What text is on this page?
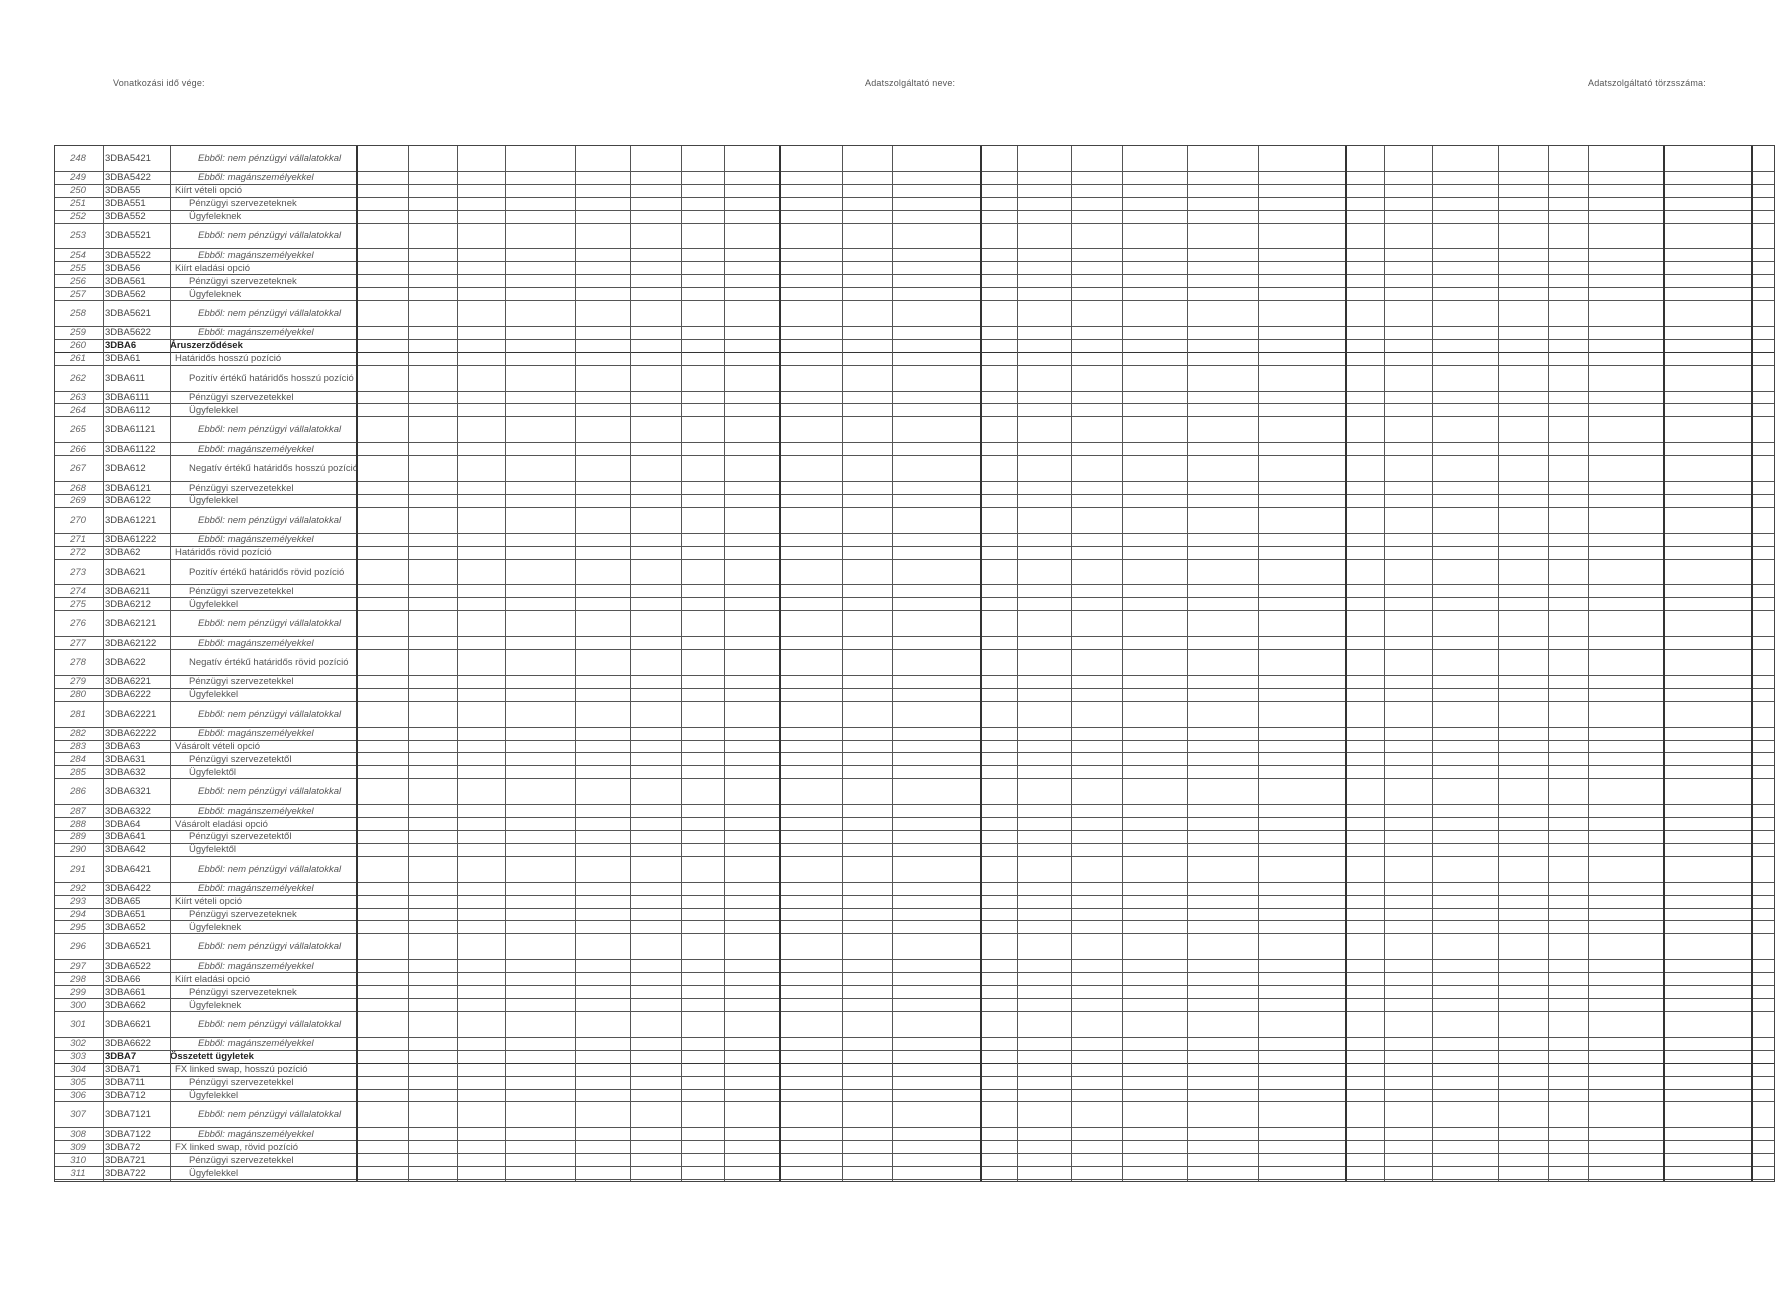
Vonatkozási idő vége:	Adatszolgáltató neve:	Adatszolgáltató törzsszáma:
248	3DBA5421	Ebből: nem pénzügyi vállalatokkal
249	3DBA5422	Ebből: magánszemélyekkel
250	3DBA55	Kiírt vételi opció
251	3DBA551	Pénzügyi szervezeteknek
252	3DBA552	Ügyfeleknek
253	3DBA5521	Ebből: nem pénzügyi vállalatokkal
254	3DBA5522	Ebből: magánszemélyekkel
255	3DBA56	Kiírt eladási opció
256	3DBA561	Pénzügyi szervezeteknek
257	3DBA562	Ügyfeleknek
258	3DBA5621	Ebből: nem pénzügyi vállalatokkal
259	3DBA5622	Ebből: magánszemélyekkel
260	3DBA6	Áruszerződések
261	3DBA61	Határidős hosszú pozíció
262	3DBA611	Pozitív értékű határidős hosszú pozíció
263	3DBA6111	Pénzügyi szervezetekkel
264	3DBA6112	Ügyfelekkel
265	3DBA61121	Ebből: nem pénzügyi vállalatokkal
266	3DBA61122	Ebből: magánszemélyekkel
267	3DBA612	Negatív értékű határidős hosszú pozíció
268	3DBA6121	Pénzügyi szervezetekkel
269	3DBA6122	Ügyfelekkel
270	3DBA61221	Ebből: nem pénzügyi vállalatokkal
271	3DBA61222	Ebből: magánszemélyekkel
272	3DBA62	Határidős rövid pozíció
273	3DBA621	Pozitív értékű határidős rövid pozíció
274	3DBA6211	Pénzügyi szervezetekkel
275	3DBA6212	Ügyfelekkel
276	3DBA62121	Ebből: nem pénzügyi vállalatokkal
277	3DBA62122	Ebből: magánszemélyekkel
278	3DBA622	Negatív értékű határidős rövid pozíció
279	3DBA6221	Pénzügyi szervezetekkel
280	3DBA6222	Ügyfelekkel
281	3DBA62221	Ebből: nem pénzügyi vállalatokkal
282	3DBA62222	Ebből: magánszemélyekkel
283	3DBA63	Vásárolt vételi opció
284	3DBA631	Pénzügyi szervezetektől
285	3DBA632	Ügyfelektől
286	3DBA6321	Ebből: nem pénzügyi vállalatokkal
287	3DBA6322	Ebből: magánszemélyekkel
288	3DBA64	Vásárolt eladási opció
289	3DBA641	Pénzügyi szervezetektől
290	3DBA642	Ügyfelektől
291	3DBA6421	Ebből: nem pénzügyi vállalatokkal
292	3DBA6422	Ebből: magánszemélyekkel
293	3DBA65	Kiírt vételi opció
294	3DBA651	Pénzügyi szervezeteknek
295	3DBA652	Ügyfeleknek
296	3DBA6521	Ebből: nem pénzügyi vállalatokkal
297	3DBA6522	Ebből: magánszemélyekkel
298	3DBA66	Kiírt eladási opció
299	3DBA661	Pénzügyi szervezeteknek
300	3DBA662	Ügyfeleknek
301	3DBA6621	Ebből: nem pénzügyi vállalatokkal
302	3DBA6622	Ebből: magánszemélyekkel
303	3DBA7	Összetett ügyletek
304	3DBA71	FX linked swap, hosszú pozíció
305	3DBA711	Pénzügyi szervezetekkel
306	3DBA712	Ügyfelekkel
307	3DBA7121	Ebből: nem pénzügyi vállalatokkal
308	3DBA7122	Ebből: magánszemélyekkel
309	3DBA72	FX linked swap, rövid pozíció
310	3DBA721	Pénzügyi szervezetekkel
311	3DBA722	Ügyfelekkel
